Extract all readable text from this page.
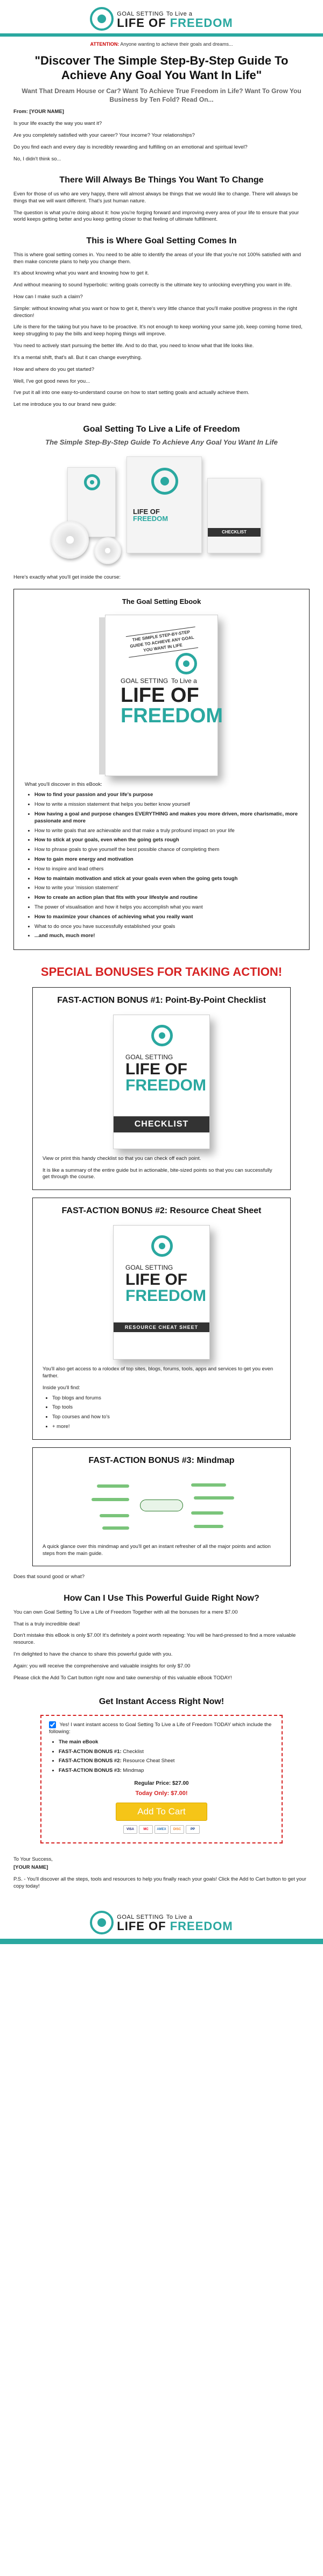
GOAL SETTING To Live a
LIFE OF FREEDOM
ATTENTION: Anyone wanting to achieve their goals and dreams...
"Discover The Simple Step-By-Step Guide To Achieve Any Goal You Want In Life"
Want That Dream House or Car? Want To Achieve True Freedom in Life? Want To Grow You Business by Ten Fold? Read On...

From: [YOUR NAME]

Is your life exactly the way you want it?

Are you completely satisfied with your career? Your income? Your relationships?

Do you find each and every day is incredibly rewarding and fulfilling on an emotional and spiritual level?

No, I didn't think so...

There Will Always Be Things You Want To Change

Even for those of us who are very happy, there will almost always be things that we would like to change. There will always be things that we will want different. That's just human nature.

The question is what you're doing about it: how you're forging forward and improving every area of your life to ensure that your world keeps getting better and you keep getting closer to that feeling of ultimate fulfillment.

This is Where Goal Setting Comes In

This is where goal setting comes in. You need to be able to identify the areas of your life that you're not 100% satisfied with and then make concrete plans to help you change them.

It's about knowing what you want and knowing how to get it.

And without meaning to sound hyperbolic: writing goals correctly is the ultimate key to unlocking everything you want in life.

How can I make such a claim?

Simple: without knowing what you want or how to get it, there's very little chance that you'll make positive progress in the right direction!

Life is there for the taking but you have to be proactive. It's not enough to keep working your same job, keep coming home tired, keep struggling to pay the bills and keep hoping things will improve.

You need to actively start pursuing the better life. And to do that, you need to know what that life looks like.

It's a mental shift, that's all. But it can change everything.

How and where do you get started?

Well, I've got good news for you...

I've put it all into one easy-to-understand course on how to start setting goals and actually achieve them.

Let me introduce you to our brand new guide:

Goal Setting To Live a Life of Freedom
The Simple Step-By-Step Guide To Achieve Any Goal You Want In Life
LIFE OF
FREEDOM
CHECKLIST

Here's exactly what you'll get inside the course:

The Goal Setting Ebook
THE SIMPLE STEP-BY-STEP GUIDE TO ACHIEVE ANY GOAL YOU WANT IN LIFE
GOAL SETTING To Live a
LIFE OF
FREEDOM

What you'll discover in this eBook:

• How to find your passion and your life's purpose
• How to write a mission statement that helps you better know yourself
• How having a goal and purpose changes EVERYTHING and makes you more driven, more charismatic, more passionate and more
• How to write goals that are achievable and that make a truly profound impact on your life
• How to stick at your goals, even when the going gets rough
• How to phrase goals to give yourself the best possible chance of completing them
• How to gain more energy and motivation
• How to inspire and lead others
• How to maintain motivation and stick at your goals even when the going gets tough
• How to write your 'mission statement'
• How to create an action plan that fits with your lifestyle and routine
• The power of visualisation and how it helps you accomplish what you want
• How to maximize your chances of achieving what you really want
• What to do once you have successfully established your goals
• ...and much, much more!
SPECIAL BONUSES FOR TAKING ACTION!
FAST-ACTION BONUS #1: Point-By-Point Checklist
GOAL SETTING
LIFE OF
FREEDOM
CHECKLIST

View or print this handy checklist so that you can check off each point.

It is like a summary of the entire guide but in actionable, bite-sized points so that you can successfully get through the course.

FAST-ACTION BONUS #2: Resource Cheat Sheet
GOAL SETTING
LIFE OF
FREEDOM
RESOURCE CHEAT SHEET

You'll also get access to a rolodex of top sites, blogs, forums, tools, apps and services to get you even farther.

Inside you'll find:

• Top blogs and forums
• Top tools
• Top courses and how to's
• + more!
FAST-ACTION BONUS #3: Mindmap

A quick glance over this mindmap and you'll get an instant refresher of all the major points and action steps from the main guide.

Does that sound good or what?

How Can I Use This Powerful Guide Right Now?

You can own Goal Setting To Live a Life of Freedom Together with all the bonuses for a mere $7.00

That is a truly incredible deal!

Don't mistake this eBook is only $7.00! It's definitely a point worth repeating: You will be hard-pressed to find a more valuable resource.

I'm delighted to have the chance to share this powerful guide with you.

Again: you will receive the comprehensive and valuable insights for only $7.00

Please click the Add To Cart button right now and take ownership of this valuable eBook TODAY!

Get Instant Access Right Now!
Yes! I want instant access to Goal Setting To Live a Life of Freedom TODAY which include the following:
• The main eBook
• FAST-ACTION BONUS #1: Checklist
• FAST-ACTION BONUS #2: Resource Cheat Sheet
• FAST-ACTION BONUS #3: Mindmap
Regular Price: $27.00
Today Only: $7.00!
Add To Cart
VISA	MC	AMEX	DISC	PP

To Your Success,

[YOUR NAME]

P.S. - You'll discover all the steps, tools and resources to help you finally reach your goals! Click the Add to Cart button to get your copy today!

GOAL SETTING To Live a
LIFE OF FREEDOM
